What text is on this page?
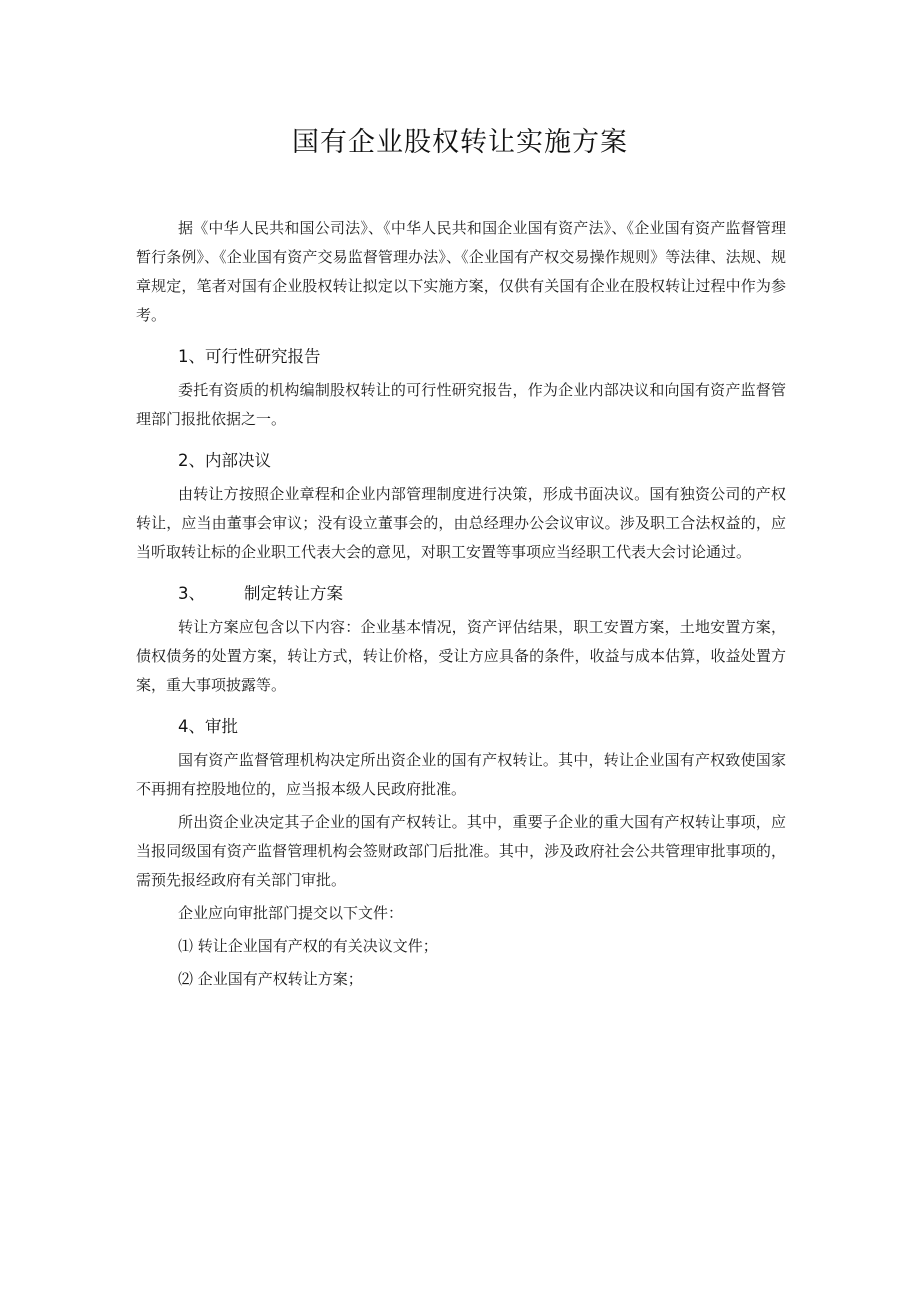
国有企业股权转让实施方案

据《中华人民共和国公司法》、《中华人民共和国企业国有资产法》、《企业国有资产监督管理暂行条例》、《企业国有资产交易监督管理办法》、《企业国有产权交易操作规则》等法律、法规、规章规定，笔者对国有企业股权转让拟定以下实施方案，仅供有关国有企业在股权转让过程中作为参考。

1、可行性研究报告

委托有资质的机构编制股权转让的可行性研究报告，作为企业内部决议和向国有资产监督管理部门报批依据之一。

2、内部决议

由转让方按照企业章程和企业内部管理制度进行决策，形成书面决议。国有独资公司的产权转让，应当由董事会审议；没有设立董事会的，由总经理办公会议审议。涉及职工合法权益的，应当听取转让标的企业职工代表大会的意见，对职工安置等事项应当经职工代表大会讨论通过。

3、 制定转让方案

转让方案应包含以下内容：企业基本情况，资产评估结果，职工安置方案，土地安置方案，债权债务的处置方案，转让方式，转让价格，受让方应具备的条件，收益与成本估算，收益处置方案，重大事项披露等。

4、审批

国有资产监督管理机构决定所出资企业的国有产权转让。其中，转让企业国有产权致使国家不再拥有控股地位的，应当报本级人民政府批准。

所出资企业决定其子企业的国有产权转让。其中，重要子企业的重大国有产权转让事项，应当报同级国有资产监督管理机构会签财政部门后批准。其中，涉及政府社会公共管理审批事项的，需预先报经政府有关部门审批。

企业应向审批部门提交以下文件：

⑴ 转让企业国有产权的有关决议文件；

⑵ 企业国有产权转让方案；
